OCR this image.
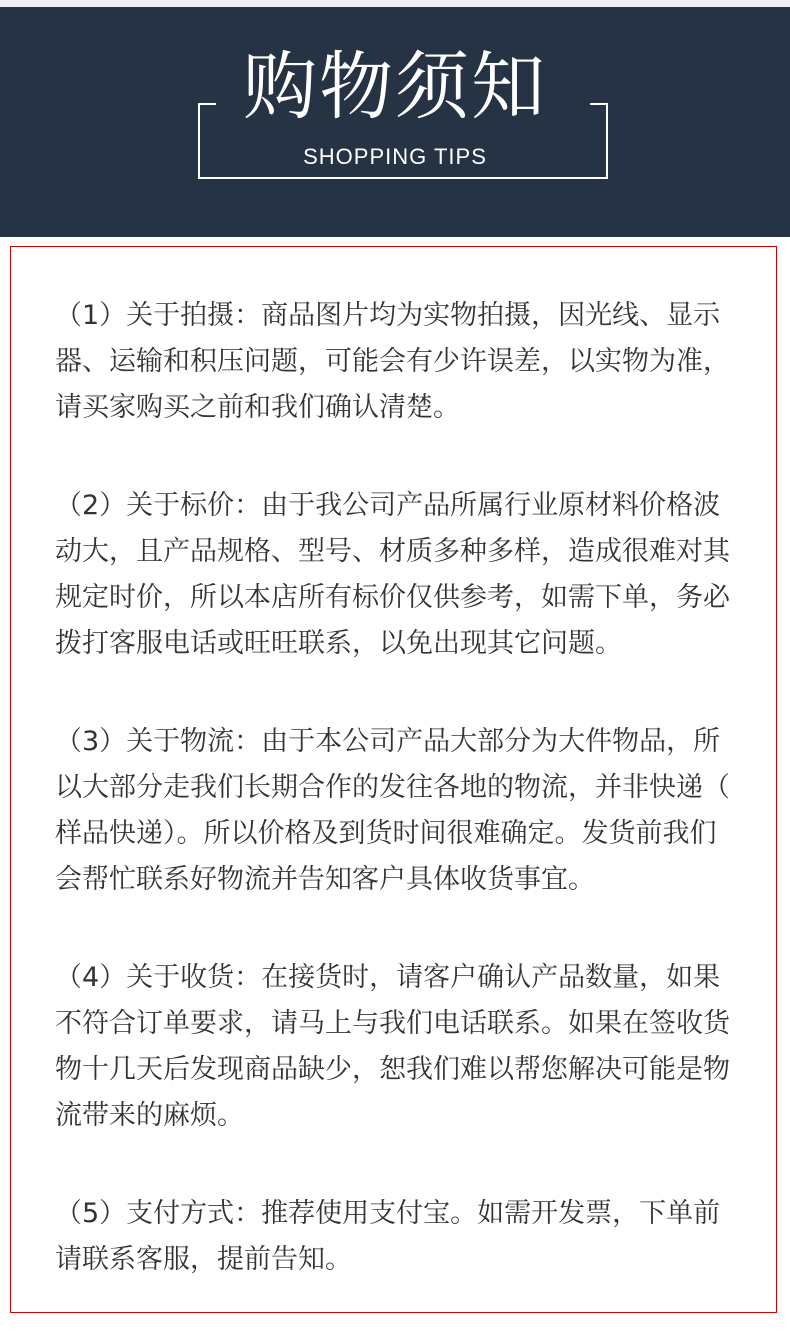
购物须知
SHOPPING TIPS
（1）关于拍摄：商品图片均为实物拍摄，因光线、显示
器、运输和积压问题，可能会有少许误差，以实物为准，
请买家购买之前和我们确认清楚。
（2）关于标价：由于我公司产品所属行业原材料价格波
动大，且产品规格、型号、材质多种多样，造成很难对其
规定时价，所以本店所有标价仅供参考，如需下单，务必
拨打客服电话或旺旺联系，以免出现其它问题。
（3）关于物流：由于本公司产品大部分为大件物品，所
以大部分走我们长期合作的发往各地的物流，并非快递（
样品快递）。所以价格及到货时间很难确定。发货前我们
会帮忙联系好物流并告知客户具体收货事宜。
（4）关于收货：在接货时，请客户确认产品数量，如果
不符合订单要求，请马上与我们电话联系。如果在签收货
物十几天后发现商品缺少，恕我们难以帮您解决可能是物
流带来的麻烦。
（5）支付方式：推荐使用支付宝。如需开发票，下单前
请联系客服，提前告知。
